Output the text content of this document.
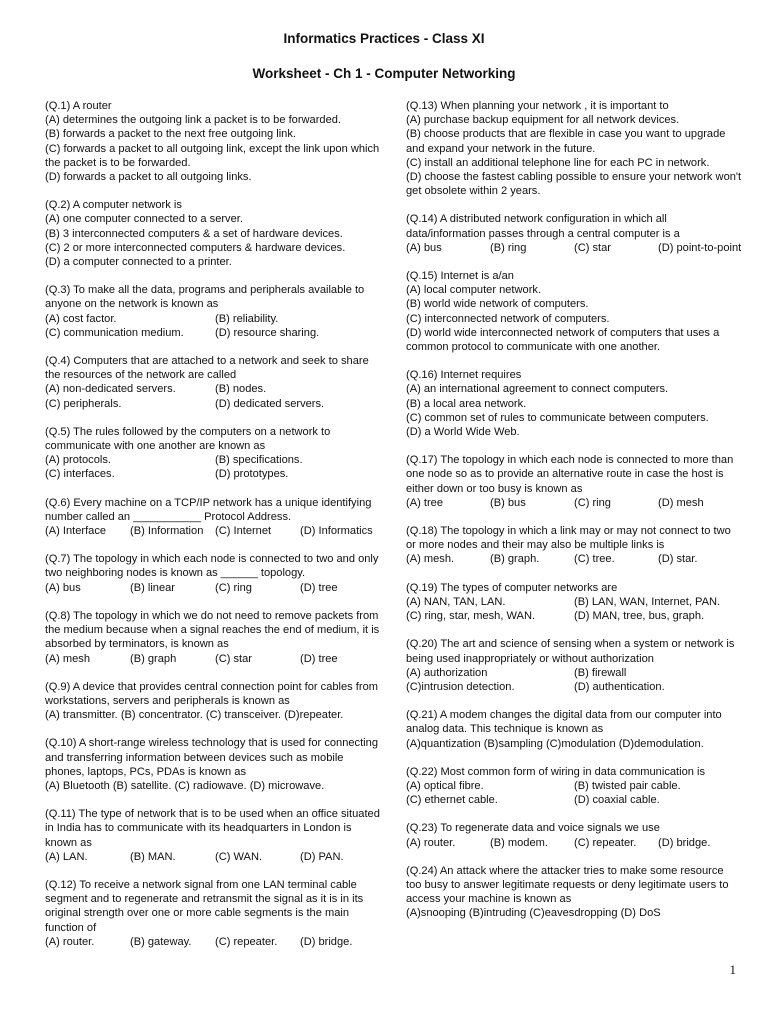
Informatics Practices - Class XI
Worksheet - Ch 1 - Computer Networking
(Q.1) A router
(A) determines the outgoing link a packet is to be forwarded.
(B) forwards a packet to the next free outgoing link.
(C) forwards a packet to all outgoing link, except the link upon which the packet is to be forwarded.
(D) forwards a packet to all outgoing links.
(Q.2) A computer network is
(A) one computer connected to a server.
(B) 3 interconnected computers & a set of hardware devices.
(C) 2 or more interconnected computers & hardware devices.
(D) a computer connected to a printer.
(Q.3) To make all the data, programs and peripherals available to anyone on the network is known as
(A) cost factor.	(B) reliability.
(C) communication medium.	(D) resource sharing.
(Q.4) Computers that are attached to a network and seek to share the resources of the network are called
(A) non-dedicated servers.	(B) nodes.
(C) peripherals.	(D) dedicated servers.
(Q.5) The rules followed by the computers on a network to communicate with one another are known as
(A) protocols.	(B) specifications.
(C) interfaces.	(D) prototypes.
(Q.6) Every machine on a TCP/IP network has a unique identifying number called an ___________ Protocol Address.
(A) Interface	(B) Information	(C) Internet	(D) Informatics
(Q.7) The topology in which each node is connected to two and only two neighboring nodes is known as ______ topology.
(A) bus	(B) linear	(C) ring	(D) tree
(Q.8) The topology in which we do not need to remove packets from the medium because when a signal reaches the end of medium, it is absorbed by terminators, is known as
(A) mesh	(B) graph	(C) star	(D) tree
(Q.9) A device that provides central connection point for cables from workstations, servers and peripherals is known as
(A) transmitter. (B) concentrator. (C) transceiver. (D)repeater.
(Q.10) A short-range wireless technology that is used for connecting and transferring information between devices such as mobile phones, laptops, PCs, PDAs is known as
(A) Bluetooth (B) satellite. (C) radiowave. (D) microwave.
(Q.11) The type of network that is to be used when an office situated in India has to communicate with its headquarters in London is known as
(A) LAN.	(B) MAN.	(C) WAN.	(D) PAN.
(Q.12) To receive a network signal from one LAN terminal cable segment and to regenerate and retransmit the signal as it is in its original strength over one or more cable segments is the main function of
(A) router.	(B) gateway.	(C) repeater.	(D) bridge.
(Q.13) When planning your network , it is important to
(A) purchase backup equipment for all network devices.
(B) choose products that are flexible in case you want to upgrade and expand your network in the future.
(C) install an additional telephone line for each PC in network.
(D) choose the fastest cabling possible to ensure your network won't get obsolete within 2 years.
(Q.14) A distributed network configuration in which all data/information passes through a central computer is a
(A) bus	(B) ring	(C) star	(D) point-to-point
(Q.15) Internet is a/an
(A) local computer network.
(B) world wide network of computers.
(C) interconnected network of computers.
(D) world wide interconnected network of computers that uses a common protocol to communicate with one another.
(Q.16) Internet requires
(A) an international agreement to connect computers.
(B) a local area network.
(C) common set of rules to communicate between computers.
(D) a World Wide Web.
(Q.17) The topology in which each node is connected to more than one node so as to provide an alternative route in case the host is either down or too busy is known as
(A) tree	(B) bus	(C) ring	(D) mesh
(Q.18) The topology in which a link may or may not connect to two or more nodes and their may also be multiple links is
(A) mesh.	(B) graph.	(C) tree.	(D) star.
(Q.19) The types of computer networks are
(A) NAN, TAN, LAN.	(B) LAN, WAN, Internet, PAN.
(C) ring, star, mesh, WAN.	(D) MAN, tree, bus, graph.
(Q.20) The art and science of sensing when a system or network is being used inappropriately or without authorization
(A) authorization	(B) firewall
(C)intrusion detection.	(D) authentication.
(Q.21) A modem changes the digital data from our computer into analog data. This technique is known as
(A)quantization (B)sampling (C)modulation (D)demodulation.
(Q.22) Most common form of wiring in data communication is
(A) optical fibre.	(B) twisted pair cable.
(C) ethernet cable.	(D) coaxial cable.
(Q.23) To regenerate data and voice signals we use
(A) router.	(B) modem.	(C) repeater.	(D) bridge.
(Q.24) An attack where the attacker tries to make some resource too busy to answer legitimate requests or deny legitimate users to access your machine is known as
(A)snooping (B)intruding (C)eavesdropping (D) DoS
1
